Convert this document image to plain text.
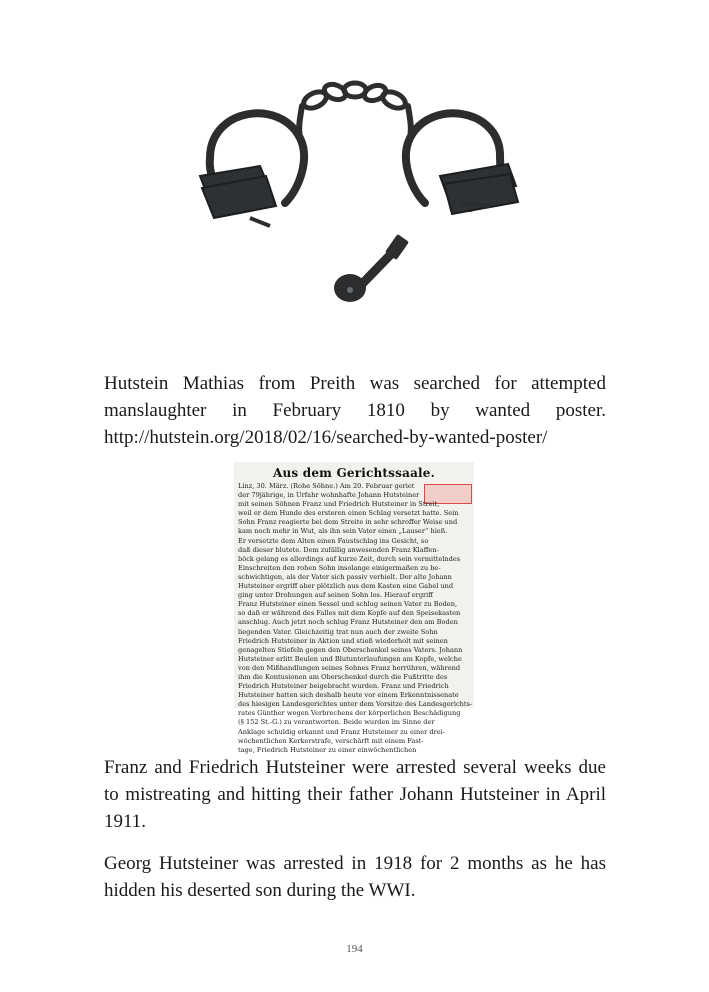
Hutstein Mathias from Preith was searched for attempted
manslaughter in February 1810 by wanted poster.
http://hutstein.org/2018/02/16/searched-by-wanted-poster/

Aus dem Gerichtssaale.
Linz, 30. März. (Rohe Söhne.) Am 20. Februar geriet
der 79jährige, in Urfahr wohnhafte Johann Hutsteiner
mit seinen Söhnen Franz und Friedrich Hutsteiner in Streit,
weil er dem Hunde des ersteren einen Schlag versetzt hatte. Sein
Sohn Franz reagierte bei dem Streite in sehr schroffer Weise und
kam noch mehr in Wut, als ihn sein Vater einen „Lauser“ hieß.
Er versetzte dem Alten einen Faustschlag ins Gesicht, so
daß dieser blutete. Dem zufällig anwesenden Franz Klaffen-
böck gelang es allerdings auf kurze Zeit, durch sein vermittelndes
Einschreiten den rohen Sohn insolange einigermaßen zu be-
schwichtigen, als der Vater sich passiv verhielt. Der alte Johann
Hutsteiner ergriff aber plötzlich aus dem Kasten eine Gabel und
ging unter Drohungen auf seinen Sohn los. Hierauf ergriff
Franz Hutsteiner einen Sessel und schlug seinen Vater zu Boden,
so daß er während des Falles mit dem Kopfe auf den Speisekasten
anschlug. Auch jetzt noch schlug Franz Hutsteiner den am Boden
liegenden Vater. Gleichzeitig trat nun auch der zweite Sohn
Friedrich Hutsteiner in Aktion und stieß wiederholt mit seinen
genagelten Stiefeln gegen den Oberschenkel seines Vaters. Johann
Hutsteiner erlitt Beulen und Blutunterlaufungen am Kopfe, welche
von den Mißhandlungen seines Sohnes Franz herrühren, während
ihm die Kontusionen am Oberschenkel durch die Fußtritte des
Friedrich Hutsteiner beigebracht wurden. Franz und Friedrich
Hutsteiner hatten sich deshalb heute vor einem Erkenntnissenate
des hiesigen Landesgerichtes unter dem Vorsitze des Landesgerichts-
rates Günther wegen Verbrechens der körperlichen Beschädigung
(§ 152 St.-G.) zu verantworten. Beide wurden im Sinne der
Anklage schuldig erkannt und Franz Hutsteiner zu einer drei-
wöchentlichen Kerkerstrafe, verschärft mit einem Fast-
tage, Friedrich Hutsteiner zu einer einwöchentlichen

Franz and Friedrich Hutsteiner were arrested several weeks due to mistreating and hitting their father Johann Hutsteiner in April 1911.

Georg Hutsteiner was arrested in 1918 for 2 months as he has hidden his deserted son during the WWI.

194
